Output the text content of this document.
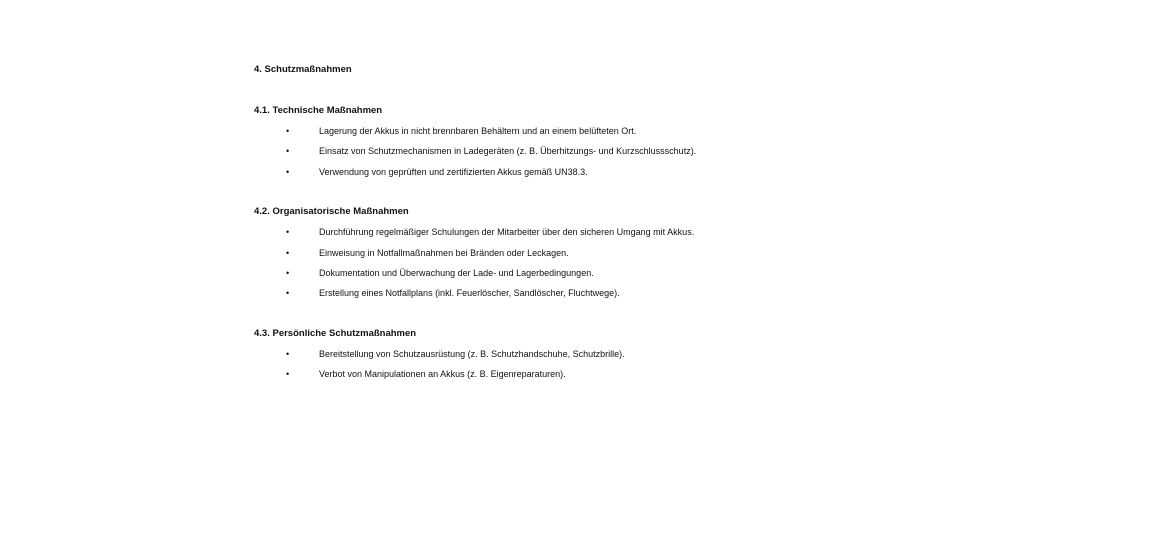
4. Schutzmaßnahmen
4.1. Technische Maßnahmen
•	Lagerung der Akkus in nicht brennbaren Behältern und an einem belüfteten Ort.
•	Einsatz von Schutzmechanismen in Ladegeräten (z. B. Überhitzungs- und Kurzschlussschutz).
•	Verwendung von geprüften und zertifizierten Akkus gemäß UN38.3.
4.2. Organisatorische Maßnahmen
•	Durchführung regelmäßiger Schulungen der Mitarbeiter über den sicheren Umgang mit Akkus.
•	Einweisung in Notfallmaßnahmen bei Bränden oder Leckagen.
•	Dokumentation und Überwachung der Lade- und Lagerbedingungen.
•	Erstellung eines Notfallplans (inkl. Feuerlöscher, Sandlöscher, Fluchtwege).
4.3. Persönliche Schutzmaßnahmen
•	Bereitstellung von Schutzausrüstung (z. B. Schutzhandschuhe, Schutzbrille).
•	Verbot von Manipulationen an Akkus (z. B. Eigenreparaturen).
